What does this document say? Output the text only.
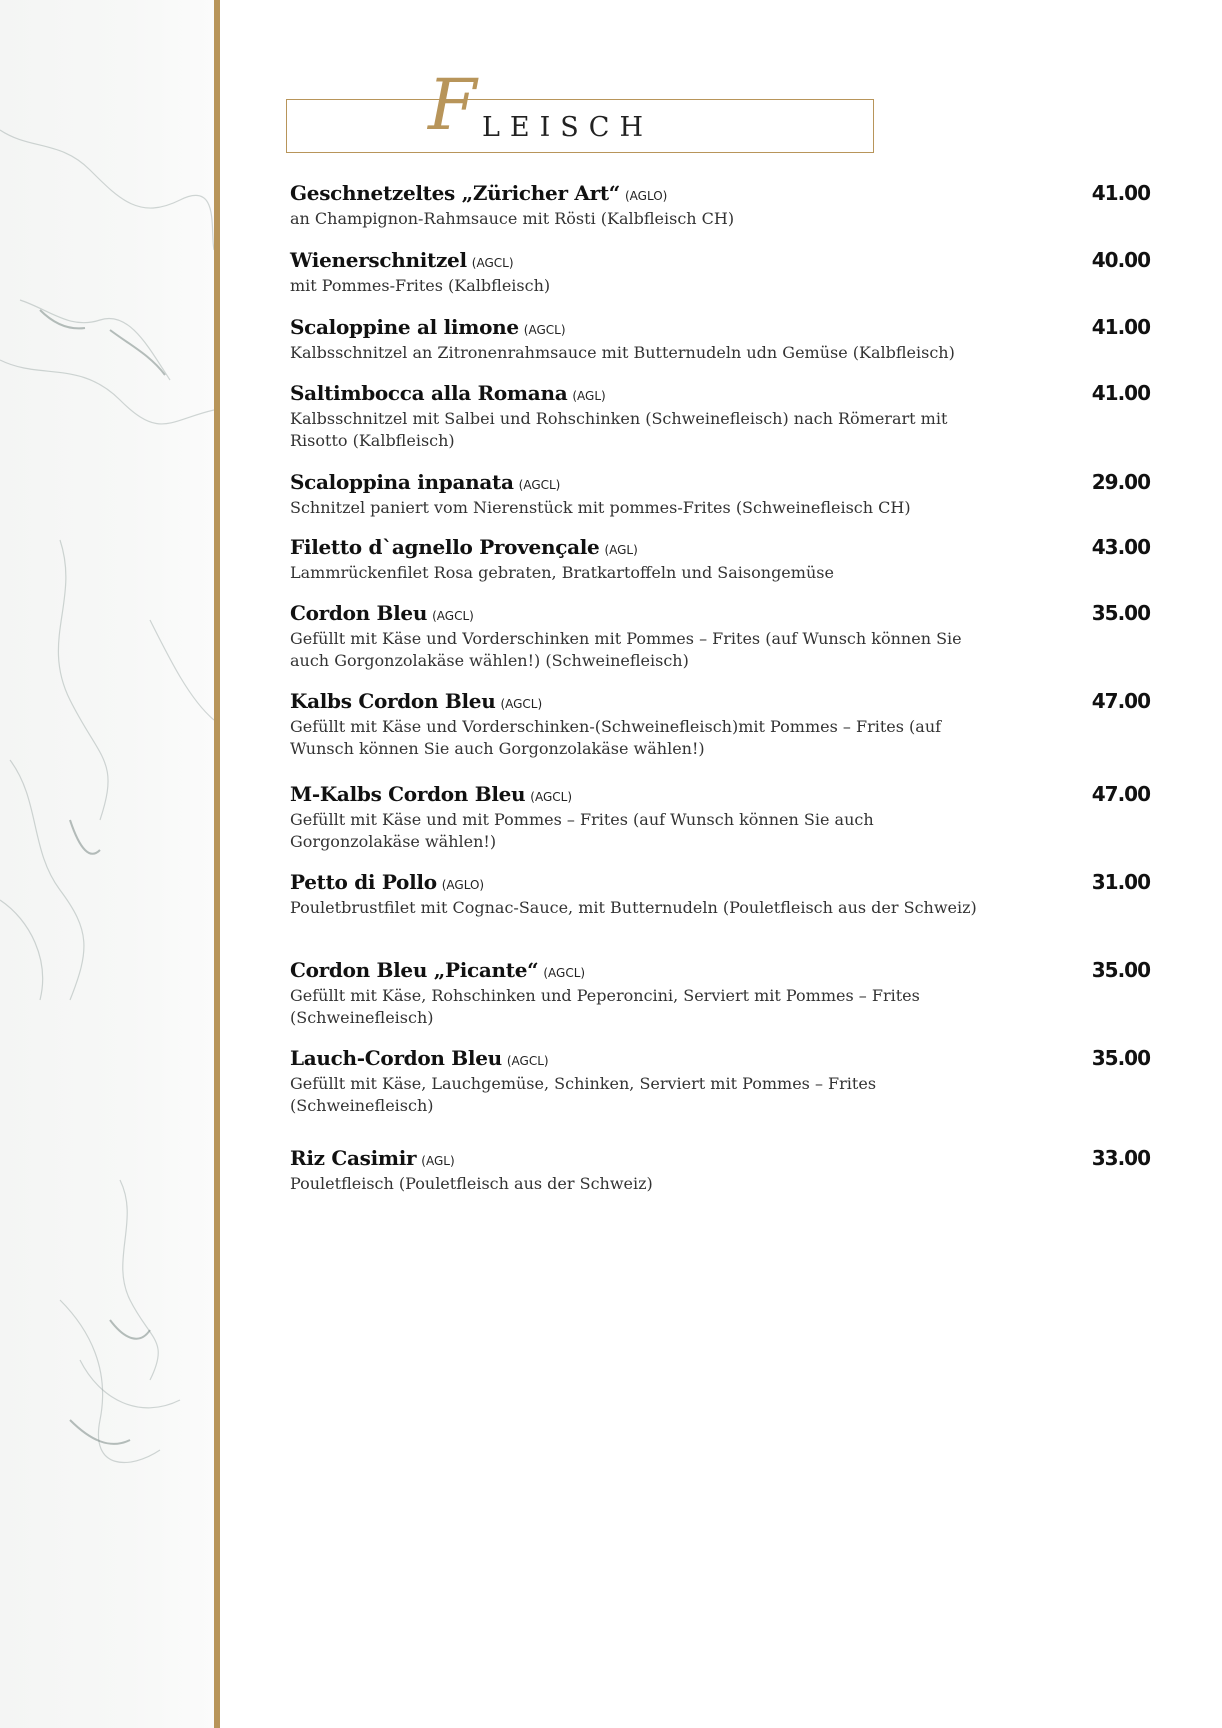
F LEISCH
Geschnetzeltes „Züricher Art“ (AGLO)
an Champignon-Rahmsauce mit Rösti (Kalbfleisch CH)
41.00
Wienerschnitzel (AGCL)
mit Pommes-Frites (Kalbfleisch)
40.00
Scaloppine al limone (AGCL)
Kalbsschnitzel an Zitronenrahmsauce mit Butternudeln udn Gemüse (Kalbfleisch)
41.00
Saltimbocca alla Romana (AGL)
Kalbsschnitzel mit Salbei und Rohschinken (Schweinefleisch) nach Römerart mit Risotto (Kalbfleisch)
41.00
Scaloppina inpanata (AGCL)
Schnitzel paniert vom Nierenstück mit pommes-Frites (Schweinefleisch CH)
29.00
Filetto d`agnello Provençale (AGL)
Lammrückenfilet Rosa gebraten, Bratkartoffeln und Saisongemüse
43.00
Cordon Bleu (AGCL)
Gefüllt mit Käse und Vorderschinken mit Pommes – Frites (auf Wunsch können Sie auch Gorgonzolakäse wählen!) (Schweinefleisch)
35.00
Kalbs Cordon Bleu (AGCL)
Gefüllt mit Käse und Vorderschinken-(Schweinefleisch)mit Pommes – Frites (auf Wunsch können Sie auch Gorgonzolakäse wählen!)
47.00
M-Kalbs Cordon Bleu (AGCL)
Gefüllt mit Käse und mit Pommes – Frites (auf Wunsch können Sie auch Gorgonzolakäse wählen!)
47.00
Petto di Pollo (AGLO)
Pouletbrustfilet mit Cognac-Sauce, mit Butternudeln (Pouletfleisch aus der Schweiz)
31.00
Cordon Bleu „Picante“ (AGCL)
Gefüllt mit Käse, Rohschinken und Peperoncini, Serviert mit Pommes – Frites (Schweinefleisch)
35.00
Lauch-Cordon Bleu (AGCL)
Gefüllt mit Käse, Lauchgemüse, Schinken, Serviert mit Pommes – Frites (Schweinefleisch)
35.00
Riz Casimir (AGL)
Pouletfleisch (Pouletfleisch aus der Schweiz)
33.00
